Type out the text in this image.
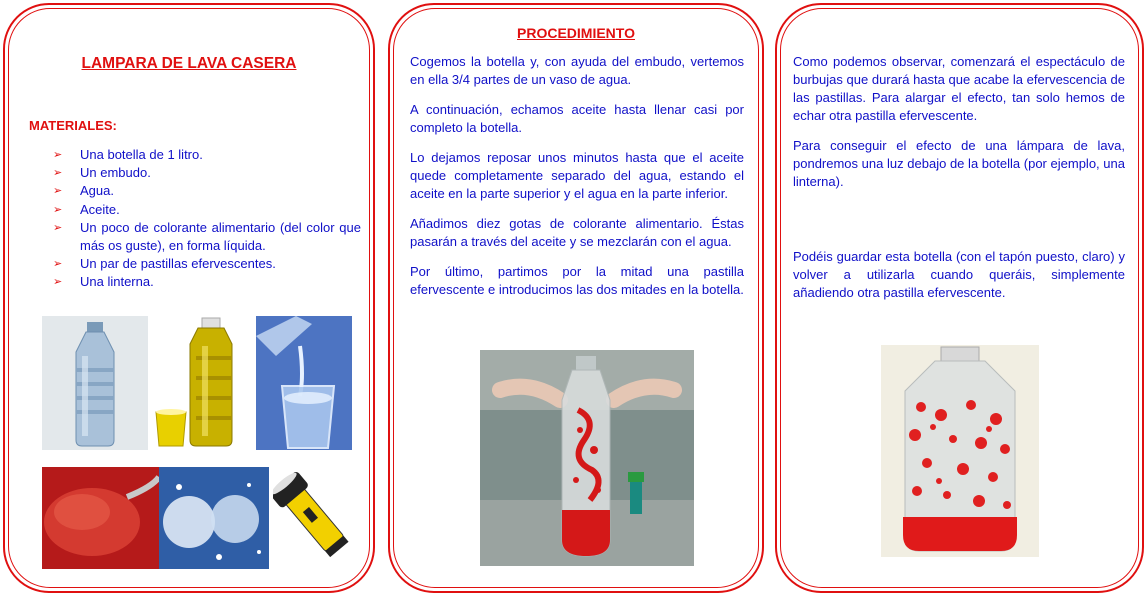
LAMPARA DE LAVA CASERA
MATERIALES:
➢ Una botella de 1 litro.
➢ Un embudo.
➢ Agua.
➢ Aceite.
➢ Un poco de colorante alimentario (del color que más os guste), en forma líquida.
➢ Un par de pastillas efervescentes.
➢ Una linterna.
PROCEDIMIENTO

Cogemos la botella y, con ayuda del embudo, vertemos en ella 3/4 partes de un vaso de agua.

A continuación, echamos aceite hasta llenar casi por completo la botella.

Lo dejamos reposar unos minutos hasta que el aceite quede completamente separado del agua, estando el aceite en la parte superior y el agua en la parte inferior.

Añadimos diez gotas de colorante alimentario. Éstas pasarán a través del aceite y se mezclarán con el agua.

Por último, partimos por la mitad una pastilla efervescente e introducimos las dos mitades en la botella.

Como podemos observar, comenzará el espectáculo de burbujas que durará hasta que acabe la efervescencia de las pastillas. Para alargar el efecto, tan solo hemos de echar otra pastilla efervescente.

Para conseguir el efecto de una lámpara de lava, pondremos una luz debajo de la botella (por ejemplo, una linterna).

Podéis guardar esta botella (con el tapón puesto, claro) y volver a utilizarla cuando queráis, simplemente añadiendo otra pastilla efervescente.
